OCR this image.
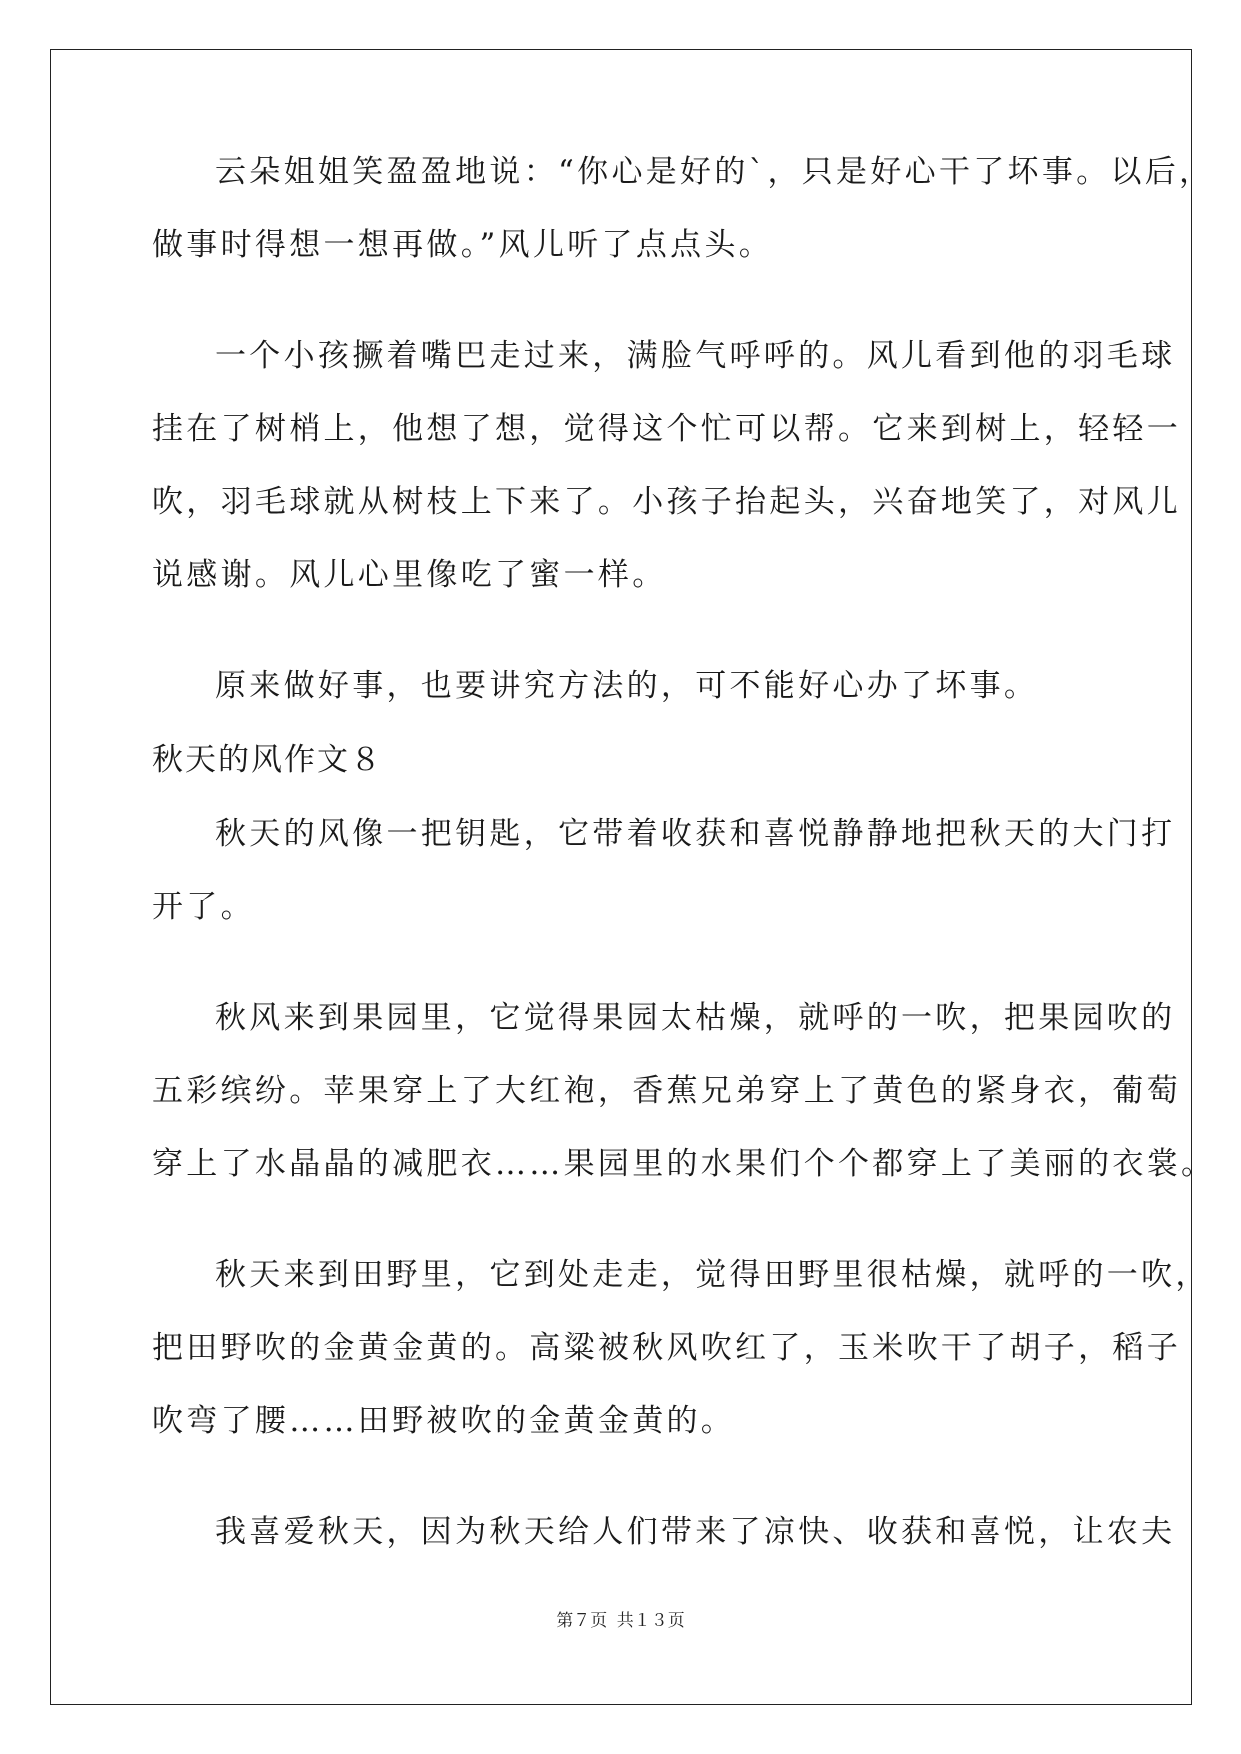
云朵姐姐笑盈盈地说：“你心是好的`，只是好心干了坏事。以后，
做事时得想一想再做。”风儿听了点点头。
一个小孩撅着嘴巴走过来，满脸气呼呼的。风儿看到他的羽毛球
挂在了树梢上，他想了想，觉得这个忙可以帮。它来到树上，轻轻一
吹，羽毛球就从树枝上下来了。小孩子抬起头，兴奋地笑了，对风儿
说感谢。风儿心里像吃了蜜一样。
原来做好事，也要讲究方法的，可不能好心办了坏事。
秋天的风作文８
秋天的风像一把钥匙，它带着收获和喜悦静静地把秋天的大门打
开了。
秋风来到果园里，它觉得果园太枯燥，就呼的一吹，把果园吹的
五彩缤纷。苹果穿上了大红袍，香蕉兄弟穿上了黄色的紧身衣，葡萄
穿上了水晶晶的减肥衣……果园里的水果们个个都穿上了美丽的衣裳。
秋天来到田野里，它到处走走，觉得田野里很枯燥，就呼的一吹，
把田野吹的金黄金黄的。高粱被秋风吹红了，玉米吹干了胡子，稻子
吹弯了腰……田野被吹的金黄金黄的。
我喜爱秋天，因为秋天给人们带来了凉快、收获和喜悦，让农夫
第７页 共１３页
